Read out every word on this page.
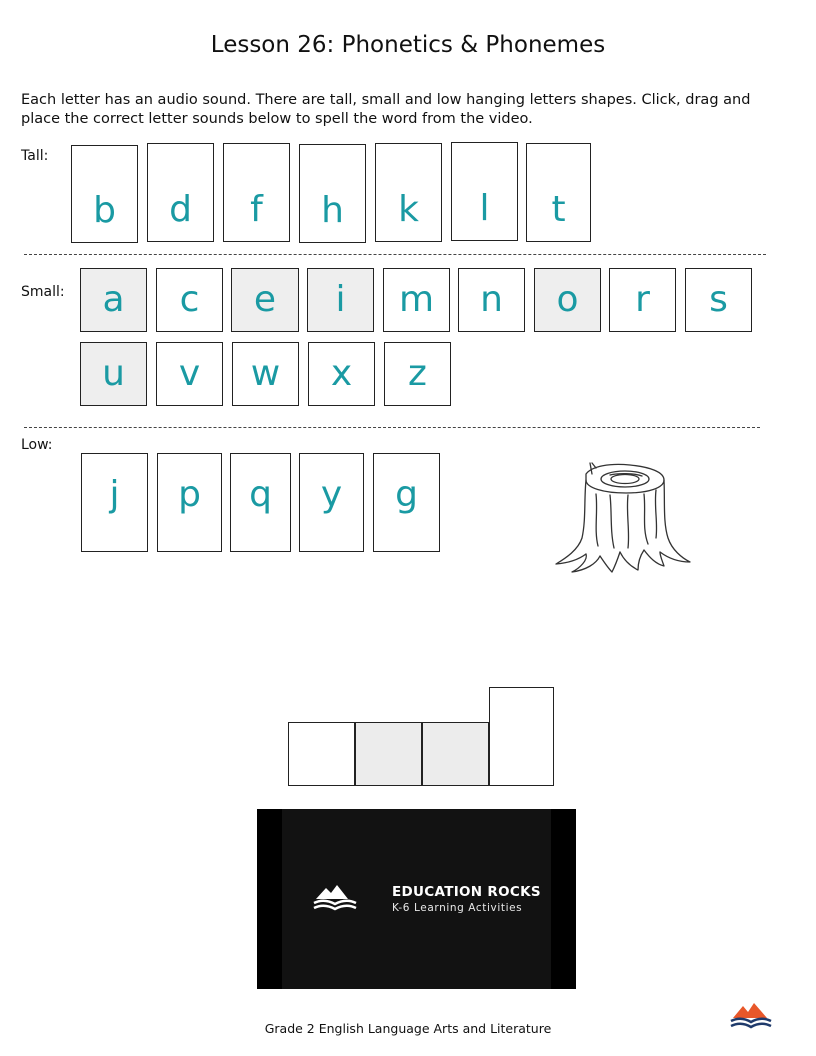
Lesson 26: Phonetics & Phonemes
Each letter has an audio sound. There are tall, small and low hanging letters shapes. Click, drag and place the correct letter sounds below to spell the word from the video.
Tall:
b d f h k l t
Small: a c e i m n o r s
u v w x z
Low:
j p q y g
EDUCATION ROCKS
K-6 Learning Activities
Grade 2 English Language Arts and Literature
